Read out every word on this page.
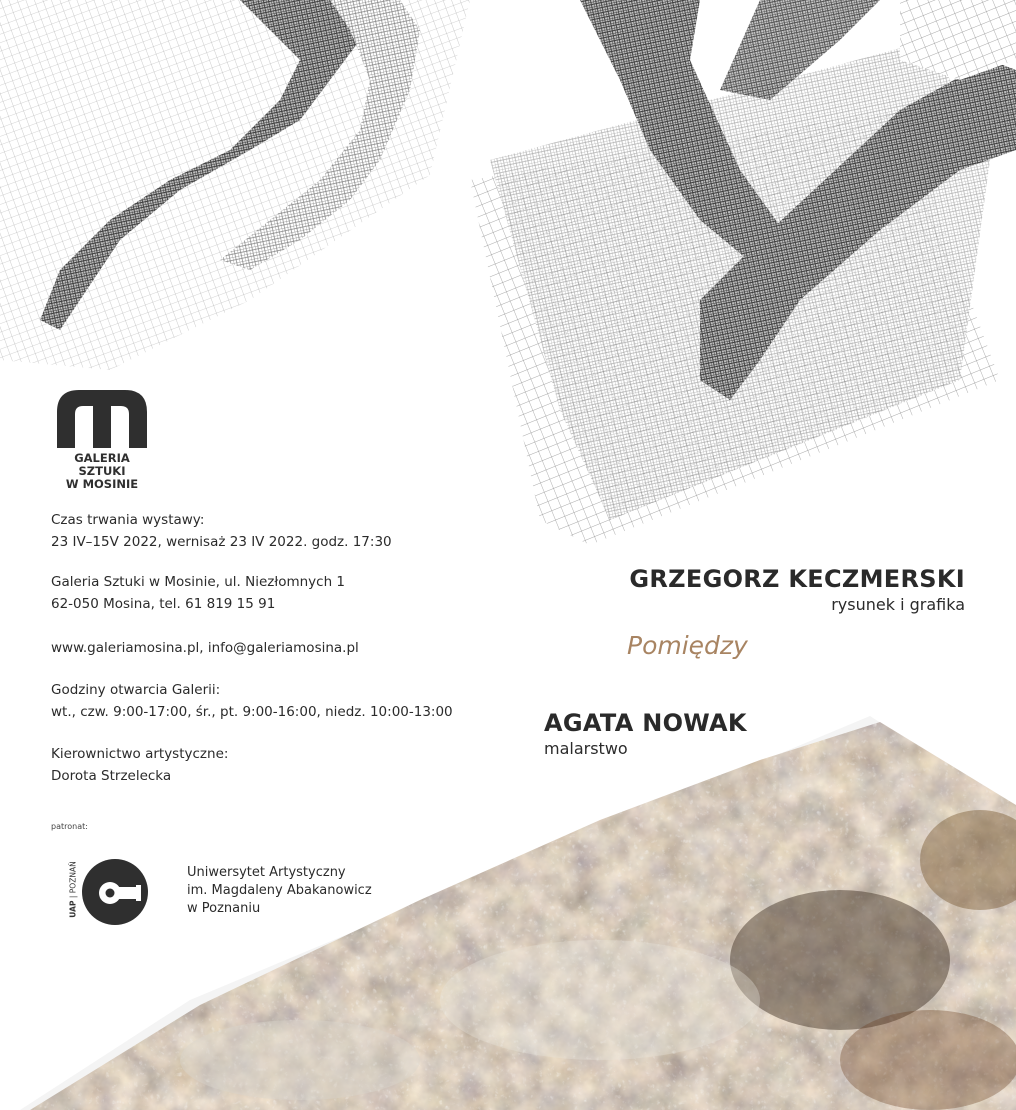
GALERIA SZTUKI
W MOSINIE

Czas trwania wystawy:

23 IV–15V 2022, wernisaż 23 IV 2022. godz. 17:30

Galeria Sztuki w Mosinie, ul. Niezłomnych 1

62-050 Mosina, tel. 61 819 15 91

www.galeriamosina.pl, info@galeriamosina.pl

Godziny otwarcia Galerii:

wt., czw. 9:00-17:00, śr., pt. 9:00-16:00, niedz. 10:00-13:00

Kierownictwo artystyczne:

Dorota Strzelecka

patronat:
UAP | POZNAŃ	Uniwersytet Artystyczny

im. Magdaleny Abakanowicz

w Poznaniu

GRZEGORZ KECZMERSKI

rysunek i grafika

Pomiędzy

AGATA NOWAK

malarstwo
